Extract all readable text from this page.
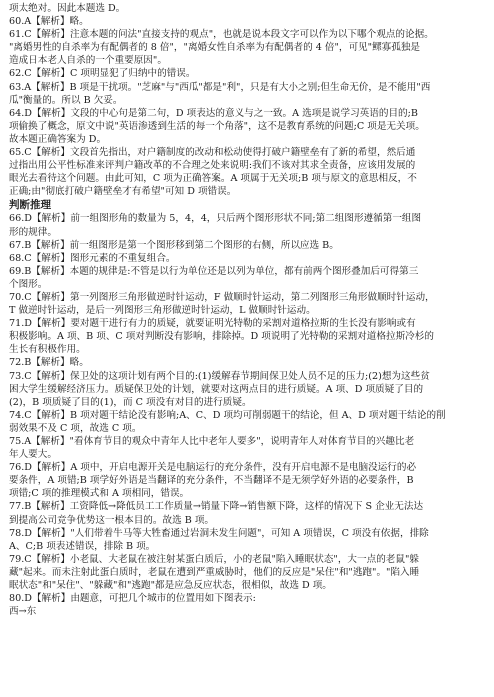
项太绝对。因此本题选 D。
60.A【解析】略。
61.C【解析】注意本题的问法"直接支持的观点"，也就是说本段文字可以作为以下哪个观点的论据。
"离婚男性的自杀率为有配偶者的 8 倍"，"离婚女性自杀率为有配偶者的 4 倍"，可见"鳏寡孤独是
造成日本老人自杀的一个重要原因"。
62.C【解析】C 项明显犯了归纳中的错误。
63.A【解析】B 项是干扰项。"芝麻"与"西瓜"都是"利"，只是有大小之别;但生命无价，是不能用"西
瓜"衡量的。所以 B 欠妥。
64.D【解析】文段的中心句是第二句，D 项表达的意义与之一致。A 选项是说学习英语的目的;B
项偷换了概念，原文中说"英语渗透到生活的每一个角落"，这不是教育系统的问题;C 项是无关项。
故本题正确答案为 D。
65.C【解析】文段首先指出，对户籍制度的改动和松动使得打破户籍壁垒有了新的希望，然后通
过指出用公平性标准来评判户籍改革的不合理之处来说明:我们不该对其求全责备，应该用发展的
眼光去看待这个问题。由此可知，C 项为正确答案。A 项属于无关项;B 项与原文的意思相反，不
正确;由"彻底打破户籍壁垒才有希望"可知 D 项错误。
判断推理
66.D【解析】前一组图形角的数量为 5，4，4，只后两个图形形状不同;第二组图形遵循第一组图
形的规律。
67.B【解析】前一组图形是第一个图形移到第二个图形的右侧，所以应选 B。
68.C【解析】图形元素的不重复组合。
69.B【解析】本题的规律是:不管是以行为单位还是以列为单位，都有前两个图形叠加后可得第三
个图形。
70.C【解析】第一列图形三角形做逆时针运动，F 做顺时针运动，第二列图形三角形做顺时针运动，
T 做逆时针运动，是后一列图形三角形做逆时针运动，L 做顺时针运动。
71.D【解析】要对题干进行有力的质疑，就要证明光特勒的采割对道格拉斯的生长没有影响或有
积极影响。A 项、B 项、C 项对判断没有影响，排除掉。D 项说明了光特勒的采割对道格拉斯冷杉的
生长有积极作用。
72.B【解析】略。
73.C【解析】保卫处的这项计划有两个目的:(1)缓解春节期间保卫处人员不足的压力;(2)想为这些贫
困大学生缓解经济压力。质疑保卫处的计划，就要对这两点目的进行质疑。A 项、D 项质疑了目的
(2)，B 项质疑了目的(1)，而 C 项没有对目的进行质疑。
74.C【解析】B 项对题干结论没有影响;A、C、D 项均可削弱题干的结论，但 A、D 项对题干结论的削
弱效果不及 C 项，故选 C 项。
75.A【解析】"看体育节目的观众中青年人比中老年人要多"，说明青年人对体育节目的兴趣比老
年人要大。
76.D【解析】A 项中，开启电源开关是电脑运行的充分条件，没有开启电源不是电脑没运行的必
要条件，A 项错;B 项学好外语是当翻译的充分条件，不当翻译不是无须学好外语的必要条件，B
项错;C 项的推理模式和 A 项相同，错误。
77.B【解析】工资降低→降低员工工作质量→销量下降→销售额下降，这样的情况下 S 企业无法达
到提高公司竞争优势这一根本目的。故选 B 项。
78.D【解析】"人们带着牛马等大牲畜通过岩洞未发生问题"，可知 A 项错误，C 项没有依据，排除
A、C;B 项表述错误，排除 B 项。
79.C【解析】小老鼠、大老鼠在被注射某蛋白质后，小的老鼠"陷入睡眠状态"，大一点的老鼠"躲
藏"起来。而未注射此蛋白质时，老鼠在遭到严重威胁时，他们的反应是"呆住"和"逃跑"。"陷入睡
眠状态"和"呆住"、"躲藏"和"逃跑"都是应急反应状态，很相似，故选 D 项。
80.D【解析】由题意，可把几个城市的位置用如下图表示:
西→东
